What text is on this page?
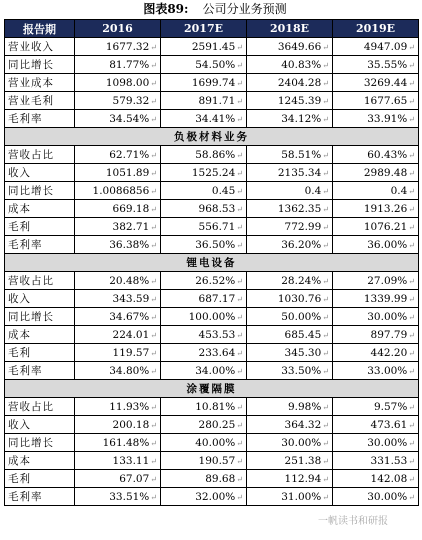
图表89: 公司分业务预测
报告期	2016	2017E	2018E	2019E
营业收入	1677.32↵	2591.45↵	3649.66↵	4947.09↵
同比增长	81.77%↵	54.50%↵	40.83%↵	35.55%↵
营业成本	1098.00↵	1699.74↵	2404.28↵	3269.44↵
营业毛利	579.32↵	891.71↵	1245.39↵	1677.65↵
毛利率	34.54%↵	34.41%↵	34.12%↵	33.91%↵
负极材料业务				
营收占比	62.71%↵	58.86%↵	58.51%↵	60.43%↵
收入	1051.89↵	1525.24↵	2135.34↵	2989.48↵
同比增长	1.0086856↵	0.45↵	0.4↵	0.4↵
成本	669.18↵	968.53↵	1362.35↵	1913.26↵
毛利	382.71↵	556.71↵	772.99↵	1076.21↵
毛利率	36.38%↵	36.50%↵	36.20%↵	36.00%↵
锂电设备				
营收占比	20.48%↵	26.52%↵	28.24%↵	27.09%↵
收入	343.59↵	687.17↵	1030.76↵	1339.99↵
同比增长	34.67%↵	100.00%↵	50.00%↵	30.00%↵
成本	224.01↵	453.53↵	685.45↵	897.79↵
毛利	119.57↵	233.64↵	345.30↵	442.20↵
毛利率	34.80%↵	34.00%↵	33.50%↵	33.00%↵
涂覆隔膜				
营收占比	11.93%↵	10.81%↵	9.98%↵	9.57%↵
收入	200.18↵	280.25↵	364.32↵	473.61↵
同比增长	161.48%↵	40.00%↵	30.00%↵	30.00%↵
成本	133.11↵	190.57↵	251.38↵	331.53↵
毛利	67.07↵	89.68↵	112.94↵	142.08↵
毛利率	33.51%↵	32.00%↵	31.00%↵	30.00%↵
一帆读书和研报
